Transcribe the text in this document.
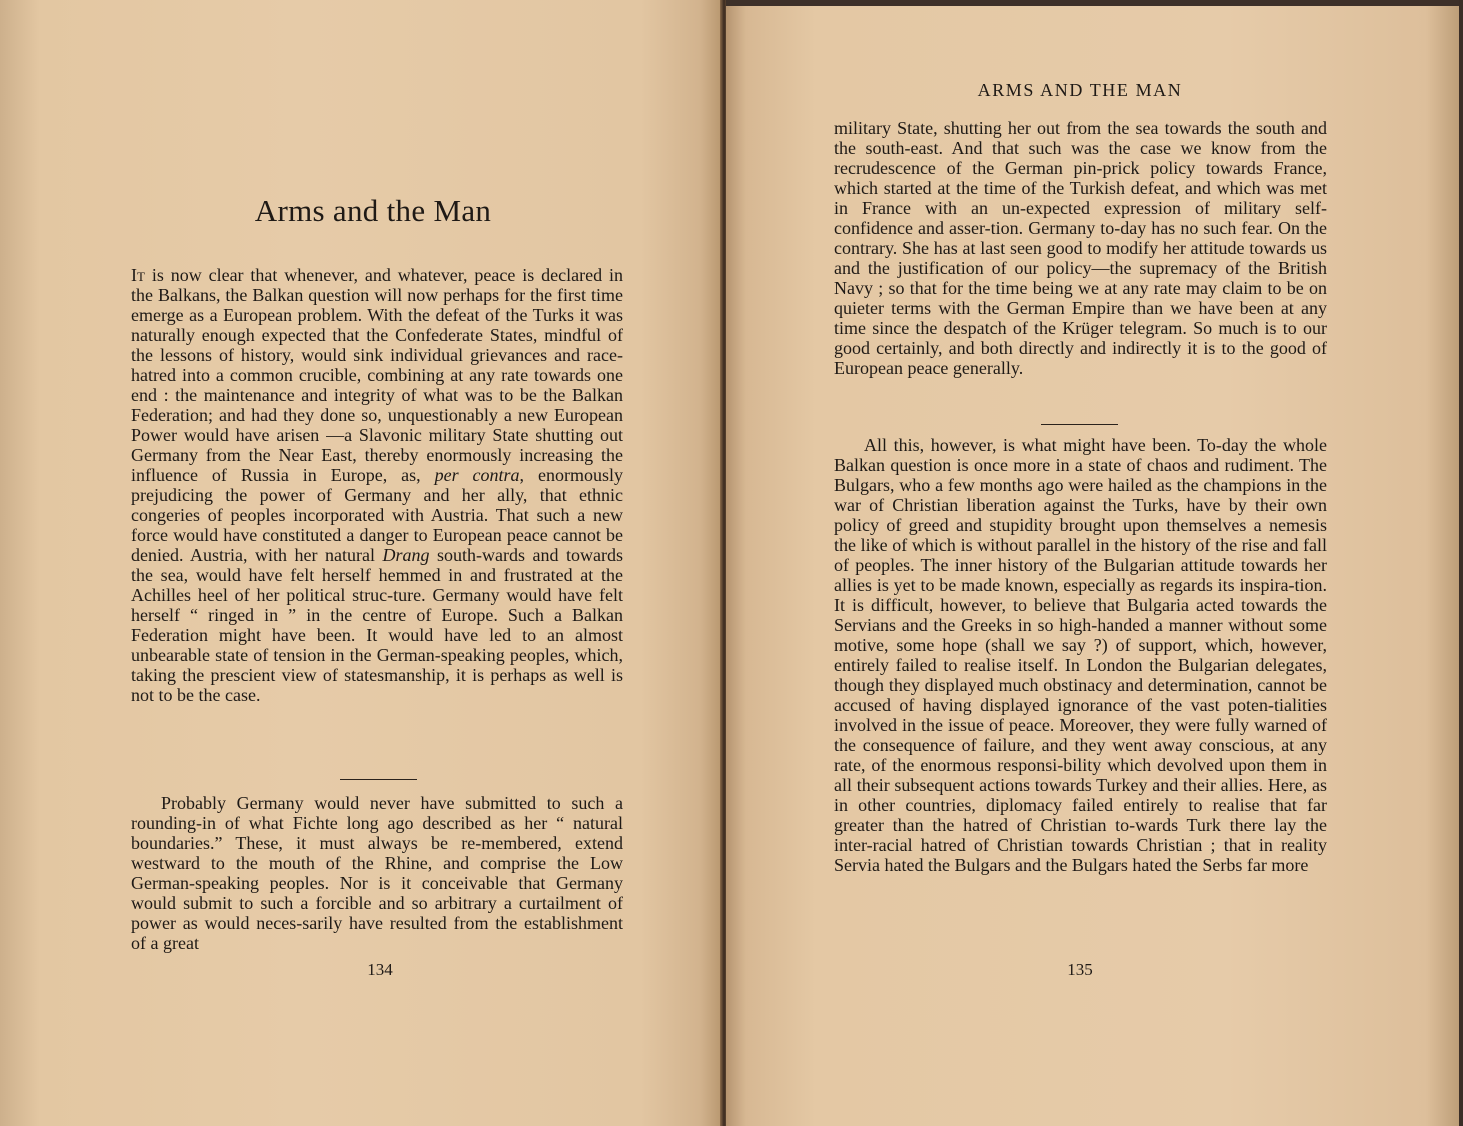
Arms and the Man

It is now clear that whenever, and whatever, peace is declared in the Balkans, the Balkan question will now perhaps for the first time emerge as a European problem. With the defeat of the Turks it was naturally enough expected that the Confederate States, mindful of the lessons of history, would sink individual grievances and race-hatred into a common crucible, combining at any rate towards one end : the maintenance and integrity of what was to be the Balkan Federation; and had they done so, unquestionably a new European Power would have arisen —a Slavonic military State shutting out Germany from the Near East, thereby enormously increasing the influence of Russia in Europe, as, per contra, enormously prejudicing the power of Germany and her ally, that ethnic congeries of peoples incorporated with Austria. That such a new force would have constituted a danger to European peace cannot be denied. Austria, with her natural Drang south-wards and towards the sea, would have felt herself hemmed in and frustrated at the Achilles heel of her political struc-ture. Germany would have felt herself “ ringed in ” in the centre of Europe. Such a Balkan Federation might have been. It would have led to an almost unbearable state of tension in the German-speaking peoples, which, taking the prescient view of statesmanship, it is perhaps as well is not to be the case.

Probably Germany would never have submitted to such a rounding-in of what Fichte long ago described as her “ natural boundaries.” These, it must always be re-membered, extend westward to the mouth of the Rhine, and comprise the Low German-speaking peoples. Nor is it conceivable that Germany would submit to such a forcible and so arbitrary a curtailment of power as would neces-sarily have resulted from the establishment of a great

134
ARMS AND THE MAN

military State, shutting her out from the sea towards the south and the south-east. And that such was the case we know from the recrudescence of the German pin-prick policy towards France, which started at the time of the Turkish defeat, and which was met in France with an un-expected expression of military self-confidence and asser-tion. Germany to-day has no such fear. On the contrary. She has at last seen good to modify her attitude towards us and the justification of our policy—the supremacy of the British Navy ; so that for the time being we at any rate may claim to be on quieter terms with the German Empire than we have been at any time since the despatch of the Krüger telegram. So much is to our good certainly, and both directly and indirectly it is to the good of European peace generally.

All this, however, is what might have been. To-day the whole Balkan question is once more in a state of chaos and rudiment. The Bulgars, who a few months ago were hailed as the champions in the war of Christian liberation against the Turks, have by their own policy of greed and stupidity brought upon themselves a nemesis the like of which is without parallel in the history of the rise and fall of peoples. The inner history of the Bulgarian attitude towards her allies is yet to be made known, especially as regards its inspira-tion. It is difficult, however, to believe that Bulgaria acted towards the Servians and the Greeks in so high-handed a manner without some motive, some hope (shall we say ?) of support, which, however, entirely failed to realise itself. In London the Bulgarian delegates, though they displayed much obstinacy and determination, cannot be accused of having displayed ignorance of the vast poten-tialities involved in the issue of peace. Moreover, they were fully warned of the consequence of failure, and they went away conscious, at any rate, of the enormous responsi-bility which devolved upon them in all their subsequent actions towards Turkey and their allies. Here, as in other countries, diplomacy failed entirely to realise that far greater than the hatred of Christian to-wards Turk there lay the inter-racial hatred of Christian towards Christian ; that in reality Servia hated the Bulgars and the Bulgars hated the Serbs far more

135
